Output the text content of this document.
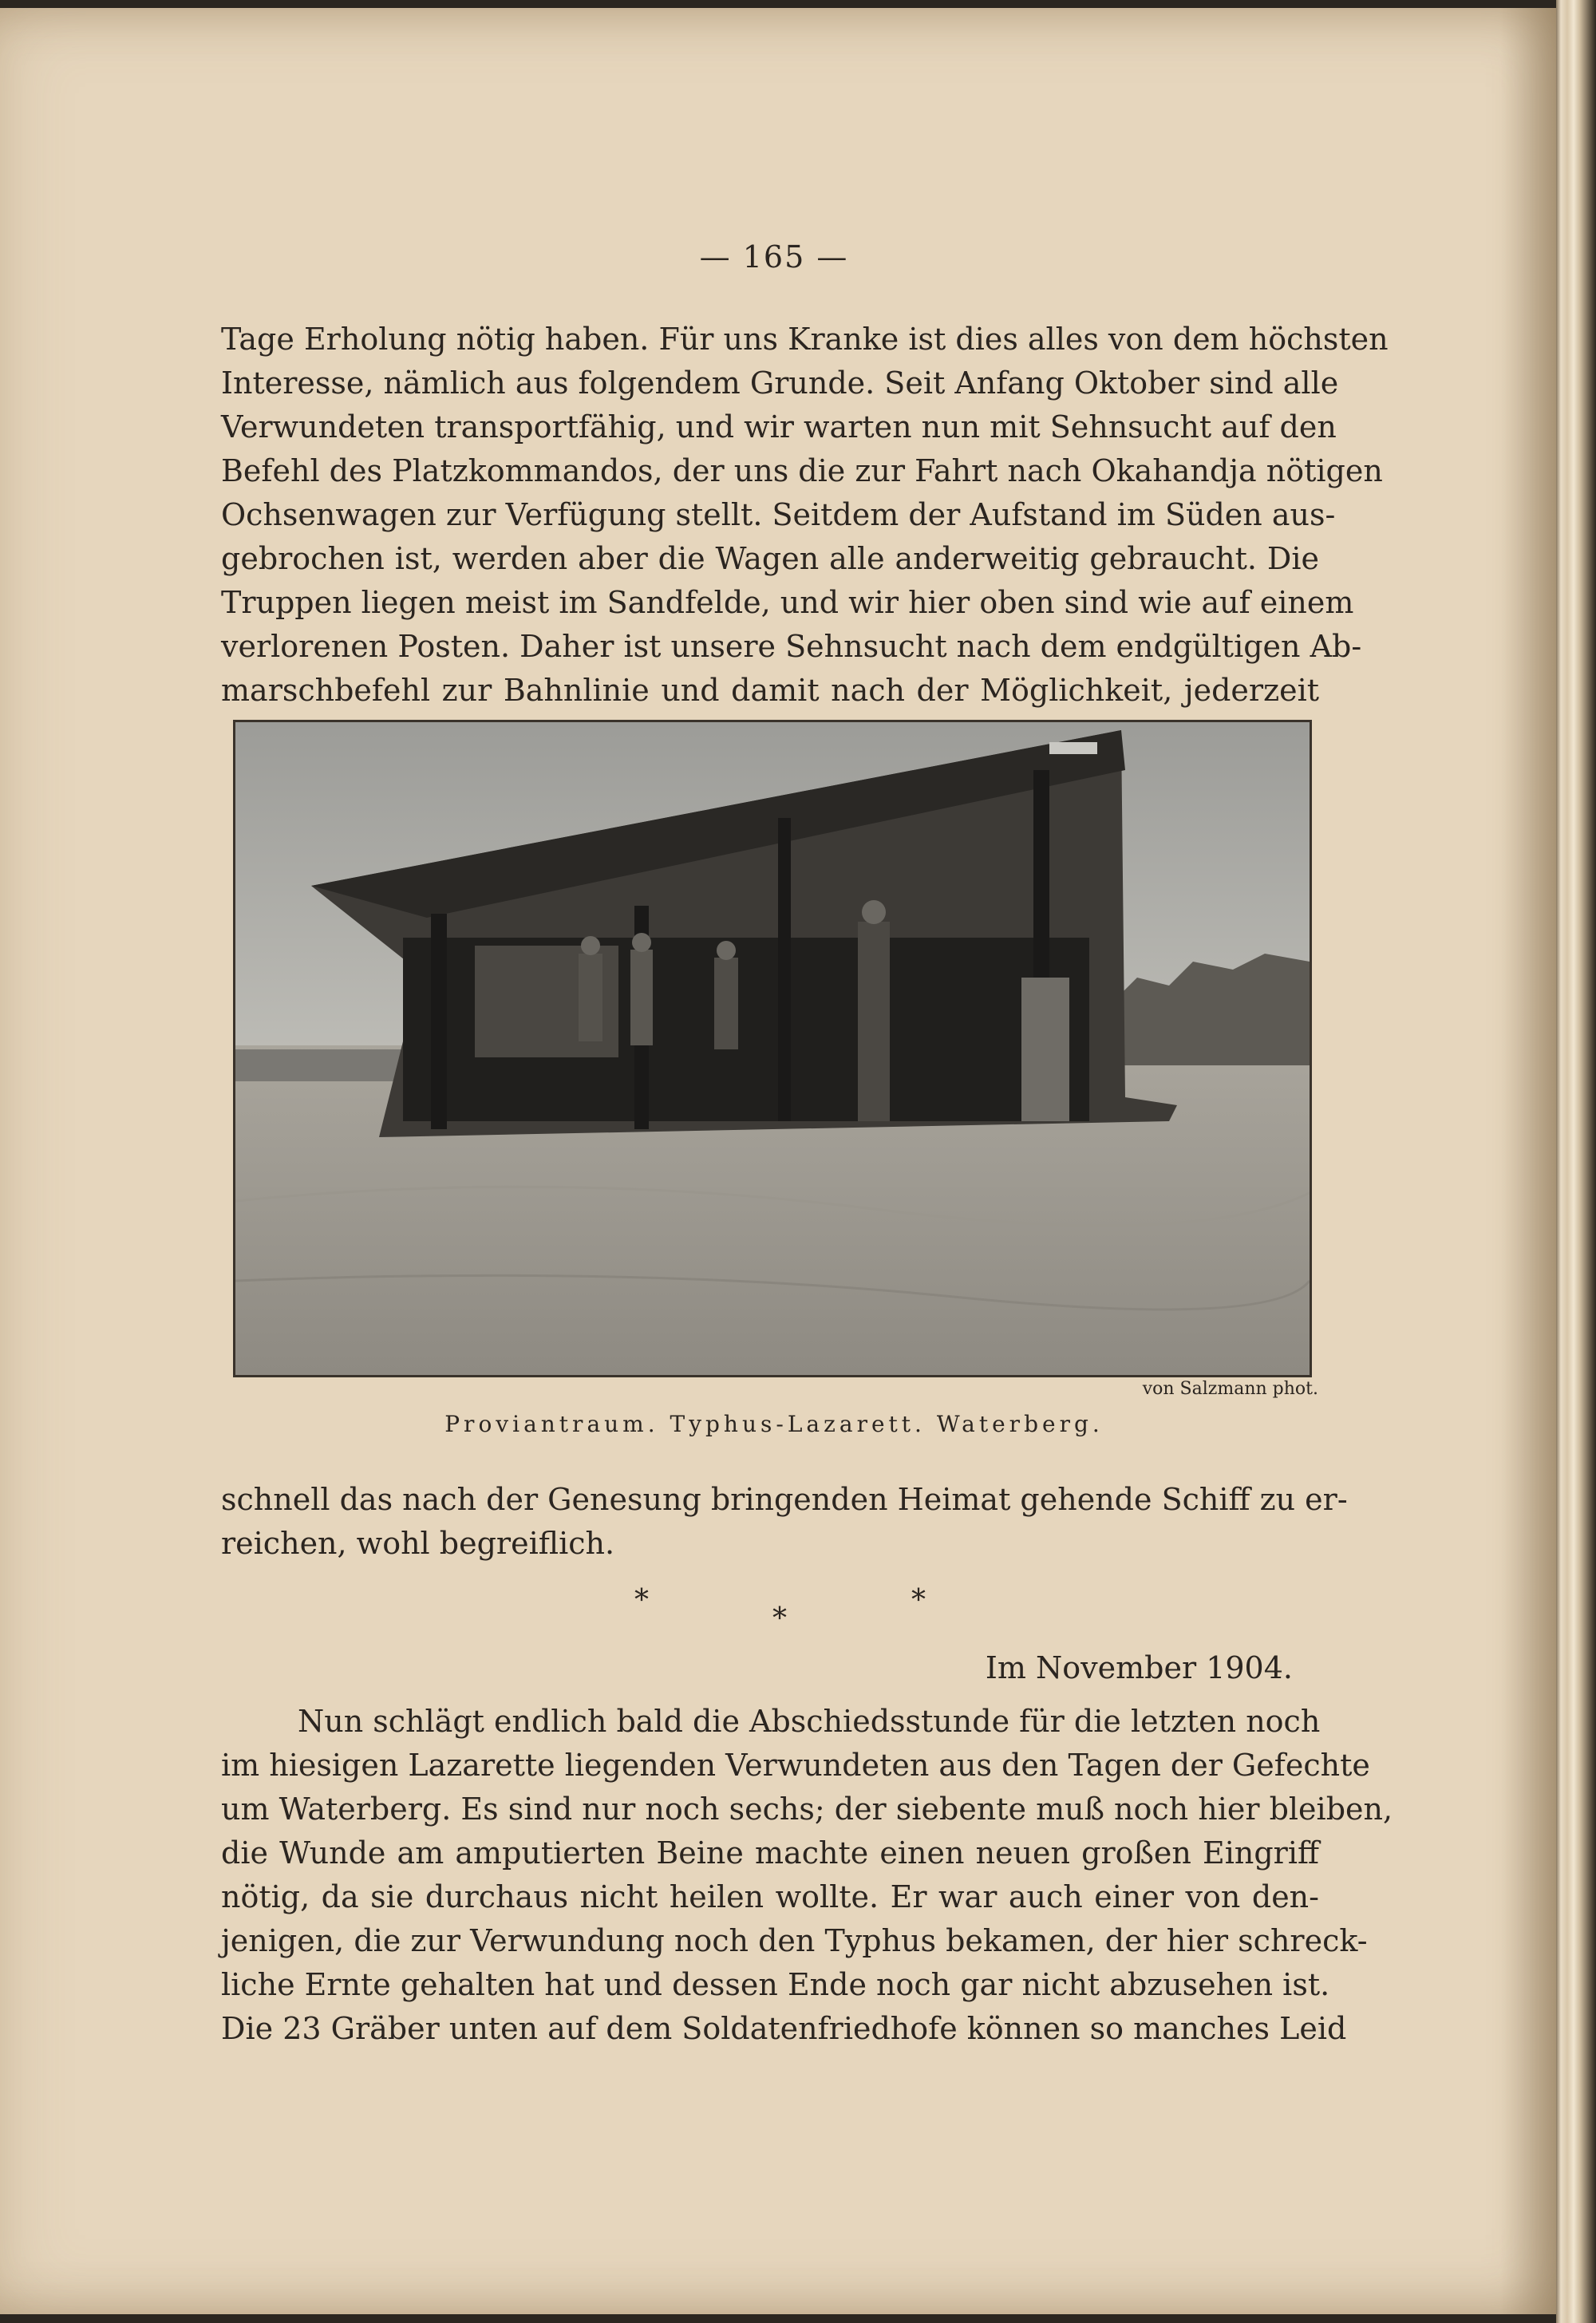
— 165 —
Tage Erholung nötig haben. Für uns Kranke ist dies alles von dem höchsten
Interesse, nämlich aus folgendem Grunde. Seit Anfang Oktober sind alle
Verwundeten transportfähig, und wir warten nun mit Sehnsucht auf den
Befehl des Platzkommandos, der uns die zur Fahrt nach Okahandja nötigen
Ochsenwagen zur Verfügung stellt. Seitdem der Aufstand im Süden aus-
gebrochen ist, werden aber die Wagen alle anderweitig gebraucht. Die
Truppen liegen meist im Sandfelde, und wir hier oben sind wie auf einem
verlorenen Posten. Daher ist unsere Sehnsucht nach dem endgültigen Ab-
marschbefehl zur Bahnlinie und damit nach der Möglichkeit, jederzeit
von Salzmann phot.
Proviantraum. Typhus-Lazarett. Waterberg.
schnell das nach der Genesung bringenden Heimat gehende Schiff zu er-
reichen, wohl begreiflich.
*
*
*
Im November 1904.
Nun schlägt endlich bald die Abschiedsstunde für die letzten noch
im hiesigen Lazarette liegenden Verwundeten aus den Tagen der Gefechte
um Waterberg. Es sind nur noch sechs; der siebente muß noch hier bleiben,
die Wunde am amputierten Beine machte einen neuen großen Eingriff
nötig, da sie durchaus nicht heilen wollte. Er war auch einer von den-
jenigen, die zur Verwundung noch den Typhus bekamen, der hier schreck-
liche Ernte gehalten hat und dessen Ende noch gar nicht abzusehen ist.
Die 23 Gräber unten auf dem Soldatenfriedhofe können so manches Leid
